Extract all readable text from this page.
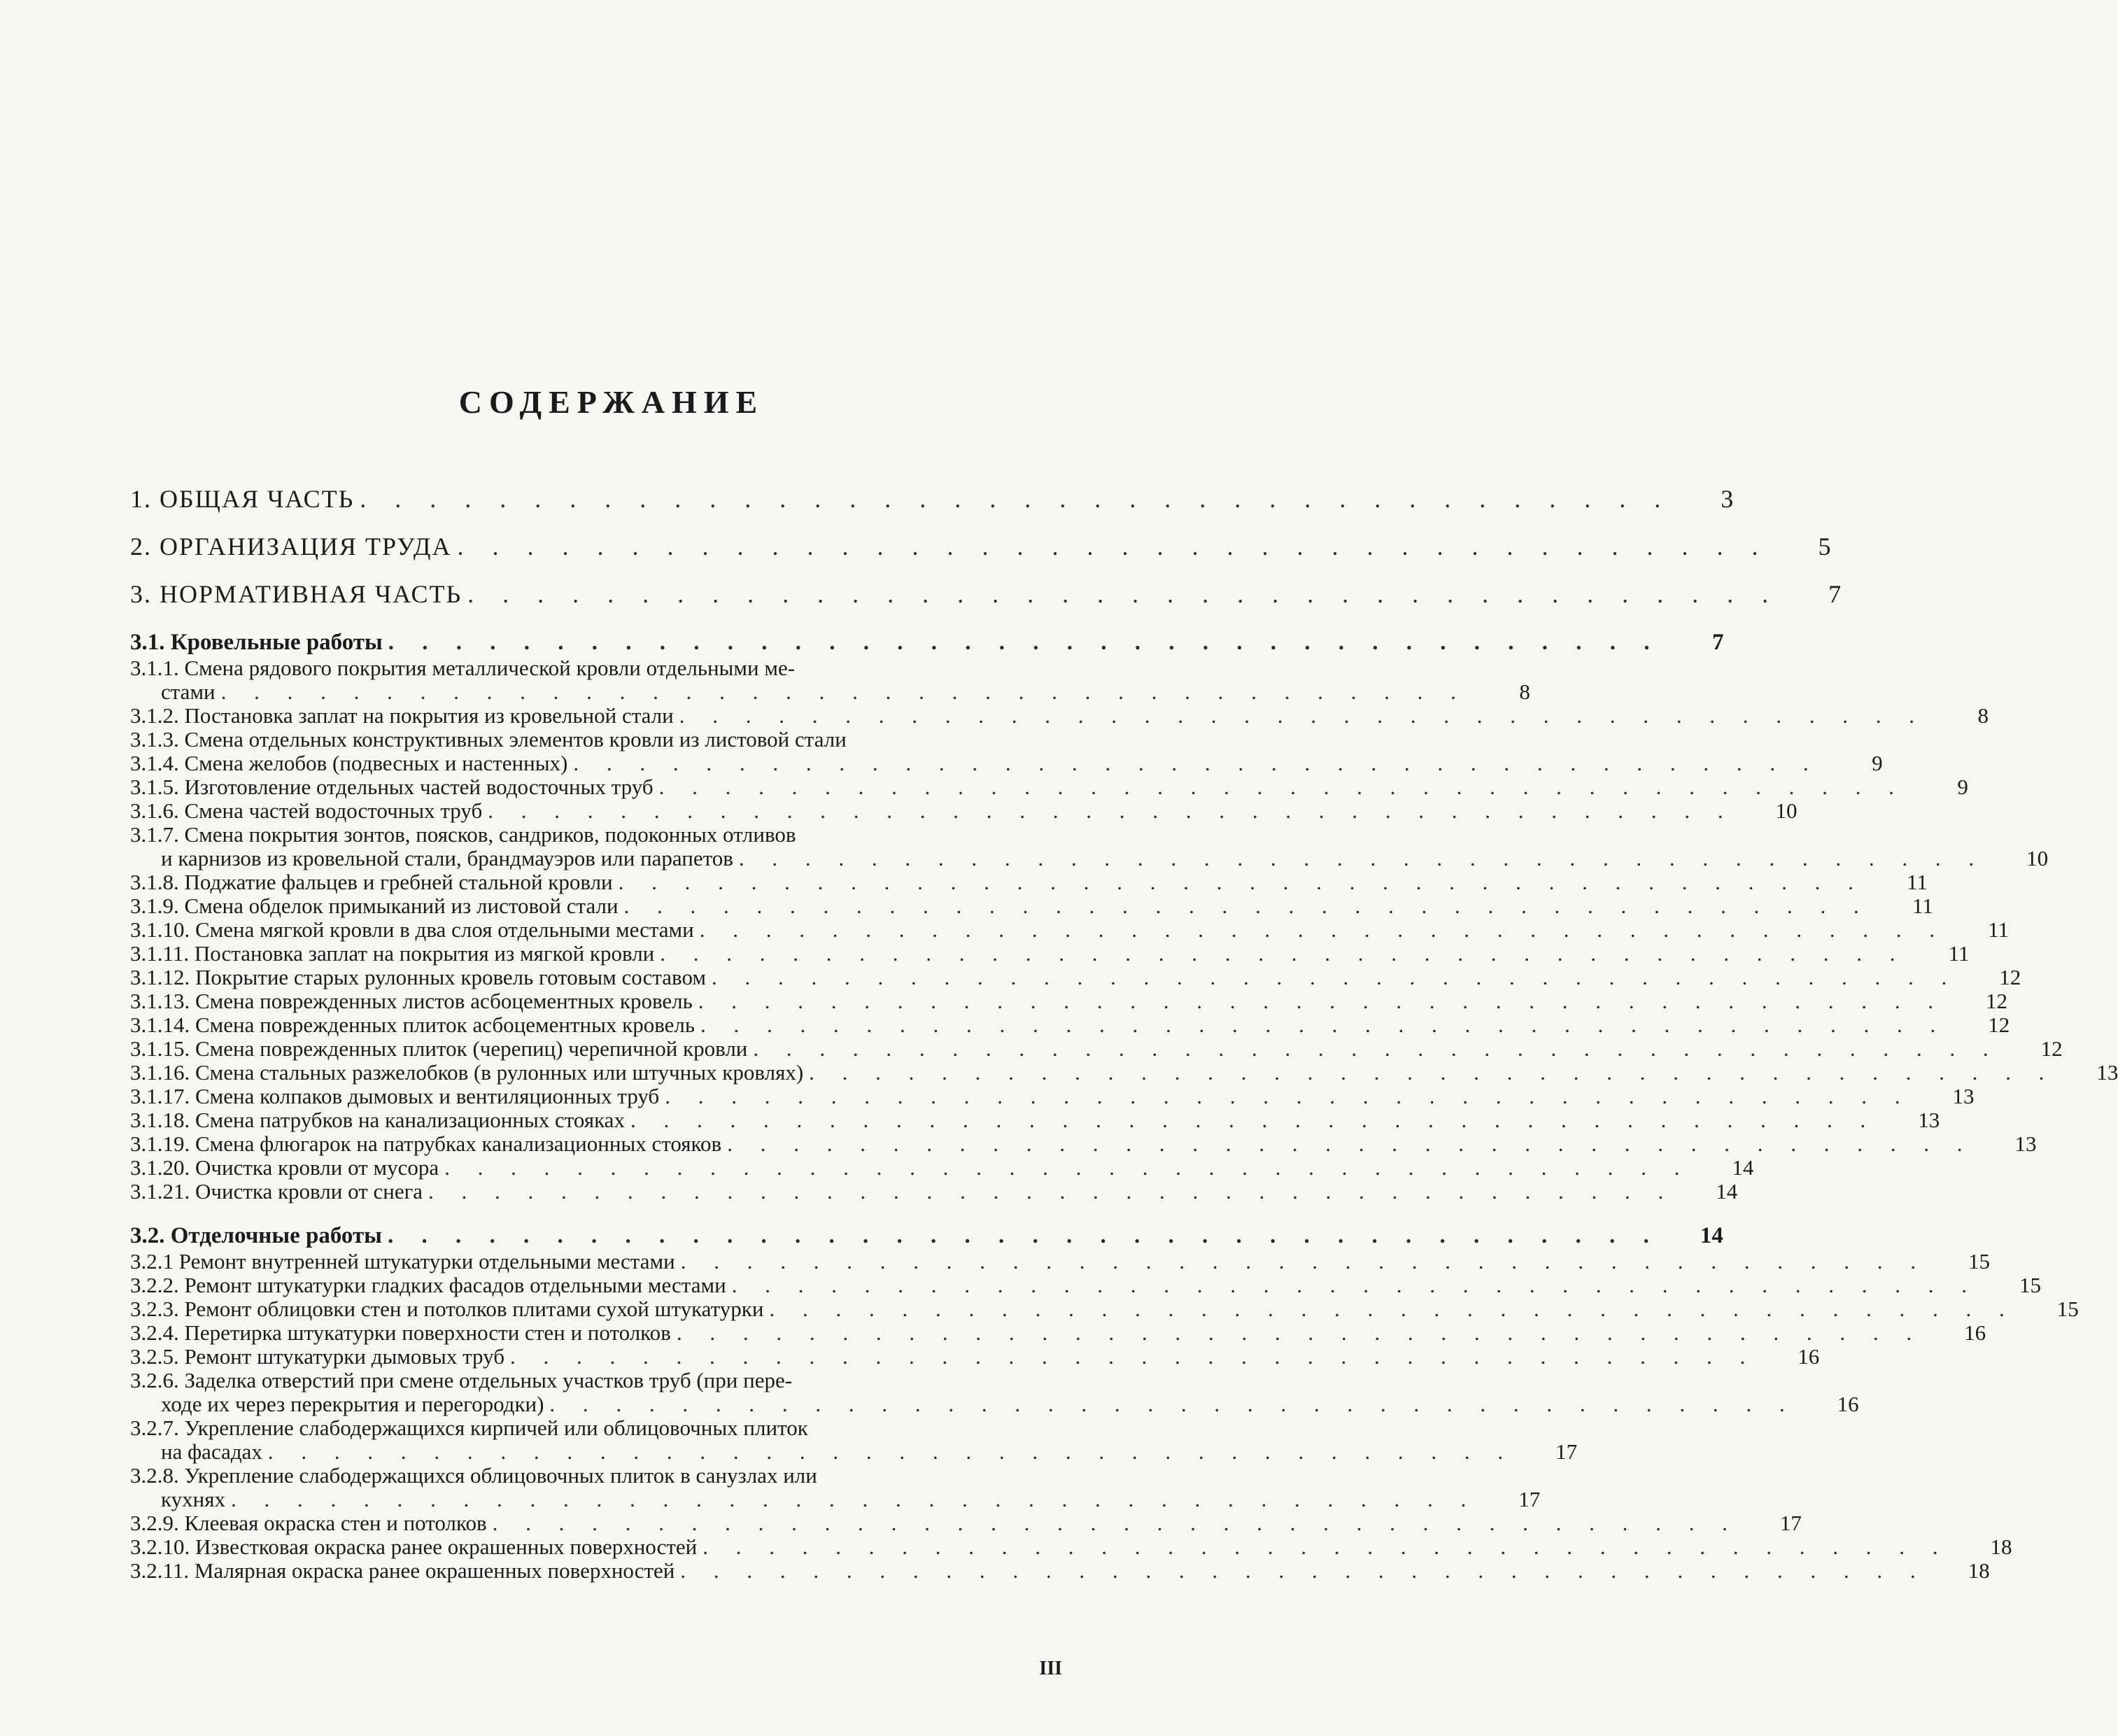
СОДЕРЖАНИЕ
1. ОБЩАЯ ЧАСТЬ . . . . . . . . . . . . . . . . . . . . . . . . . . . . . . . . . . . . . .	3
2. ОРГАНИЗАЦИЯ ТРУДА . . . . . . . . . . . . . . . . . . . . . . . . . . . . . . . . . . . . . .	5
3. НОРМАТИВНАЯ ЧАСТЬ . . . . . . . . . . . . . . . . . . . . . . . . . . . . . . . . . . . . . .	7
3.1. Кровельные работы . . . . . . . . . . . . . . . . . . . . . . . . . . . . . . . . . . . . . .	7
3.1.1. Смена рядового покрытия металлической кровли отдельными ме-
стами . . . . . . . . . . . . . . . . . . . . . . . . . . . . . . . . . . . . . .	8
3.1.2. Постановка заплат на покрытия из кровельной стали . . . . . . . . . . . . . . . . . . . . . . . . . . . . . . . . . . . . . .	8
3.1.3. Смена отдельных конструктивных элементов кровли из листовой стали
3.1.4. Смена желобов (подвесных и настенных) . . . . . . . . . . . . . . . . . . . . . . . . . . . . . . . . . . . . . .	9
3.1.5. Изготовление отдельных частей водосточных труб . . . . . . . . . . . . . . . . . . . . . . . . . . . . . . . . . . . . . .	9
3.1.6. Смена частей водосточных труб . . . . . . . . . . . . . . . . . . . . . . . . . . . . . . . . . . . . . .	10
3.1.7. Смена покрытия зонтов, поясков, сандриков, подоконных отливов
и карнизов из кровельной стали, брандмауэров или парапетов . . . . . . . . . . . . . . . . . . . . . . . . . . . . . . . . . . . . . .	10
3.1.8. Поджатие фальцев и гребней стальной кровли . . . . . . . . . . . . . . . . . . . . . . . . . . . . . . . . . . . . . .	11
3.1.9. Смена обделок примыканий из листовой стали . . . . . . . . . . . . . . . . . . . . . . . . . . . . . . . . . . . . . .	11
3.1.10. Смена мягкой кровли в два слоя отдельными местами . . . . . . . . . . . . . . . . . . . . . . . . . . . . . . . . . . . . . .	11
3.1.11. Постановка заплат на покрытия из мягкой кровли . . . . . . . . . . . . . . . . . . . . . . . . . . . . . . . . . . . . . .	11
3.1.12. Покрытие старых рулонных кровель готовым составом . . . . . . . . . . . . . . . . . . . . . . . . . . . . . . . . . . . . . .	12
3.1.13. Смена поврежденных листов асбоцементных кровель . . . . . . . . . . . . . . . . . . . . . . . . . . . . . . . . . . . . . .	12
3.1.14. Смена поврежденных плиток асбоцементных кровель . . . . . . . . . . . . . . . . . . . . . . . . . . . . . . . . . . . . . .	12
3.1.15. Смена поврежденных плиток (черепиц) черепичной кровли . . . . . . . . . . . . . . . . . . . . . . . . . . . . . . . . . . . . . .	12
3.1.16. Смена стальных разжелобков (в рулонных или штучных кровлях) . . . . . . . . . . . . . . . . . . . . . . . . . . . . . . . . . . . . . .	13
3.1.17. Смена колпаков дымовых и вентиляционных труб . . . . . . . . . . . . . . . . . . . . . . . . . . . . . . . . . . . . . .	13
3.1.18. Смена патрубков на канализационных стояках . . . . . . . . . . . . . . . . . . . . . . . . . . . . . . . . . . . . . .	13
3.1.19. Смена флюгарок на патрубках канализационных стояков . . . . . . . . . . . . . . . . . . . . . . . . . . . . . . . . . . . . . .	13
3.1.20. Очистка кровли от мусора . . . . . . . . . . . . . . . . . . . . . . . . . . . . . . . . . . . . . .	14
3.1.21. Очистка кровли от снега . . . . . . . . . . . . . . . . . . . . . . . . . . . . . . . . . . . . . .	14
3.2. Отделочные работы . . . . . . . . . . . . . . . . . . . . . . . . . . . . . . . . . . . . . .	14
3.2.1 Ремонт внутренней штукатурки отдельными местами . . . . . . . . . . . . . . . . . . . . . . . . . . . . . . . . . . . . . .	15
3.2.2. Ремонт штукатурки гладких фасадов отдельными местами . . . . . . . . . . . . . . . . . . . . . . . . . . . . . . . . . . . . . .	15
3.2.3. Ремонт облицовки стен и потолков плитами сухой штукатурки . . . . . . . . . . . . . . . . . . . . . . . . . . . . . . . . . . . . . .	15
3.2.4. Перетирка штукатурки поверхности стен и потолков . . . . . . . . . . . . . . . . . . . . . . . . . . . . . . . . . . . . . .	16
3.2.5. Ремонт штукатурки дымовых труб . . . . . . . . . . . . . . . . . . . . . . . . . . . . . . . . . . . . . .	16
3.2.6. Заделка отверстий при смене отдельных участков труб (при пере-
ходе их через перекрытия и перегородки) . . . . . . . . . . . . . . . . . . . . . . . . . . . . . . . . . . . . . .	16
3.2.7. Укрепление слабодержащихся кирпичей или облицовочных плиток
на фасадах . . . . . . . . . . . . . . . . . . . . . . . . . . . . . . . . . . . . . .	17
3.2.8. Укрепление слабодержащихся облицовочных плиток в санузлах или
кухнях . . . . . . . . . . . . . . . . . . . . . . . . . . . . . . . . . . . . . .	17
3.2.9. Клеевая окраска стен и потолков . . . . . . . . . . . . . . . . . . . . . . . . . . . . . . . . . . . . . .	17
3.2.10. Известковая окраска ранее окрашенных поверхностей . . . . . . . . . . . . . . . . . . . . . . . . . . . . . . . . . . . . . .	18
3.2.11. Малярная окраска ранее окрашенных поверхностей . . . . . . . . . . . . . . . . . . . . . . . . . . . . . . . . . . . . . .	18
III
